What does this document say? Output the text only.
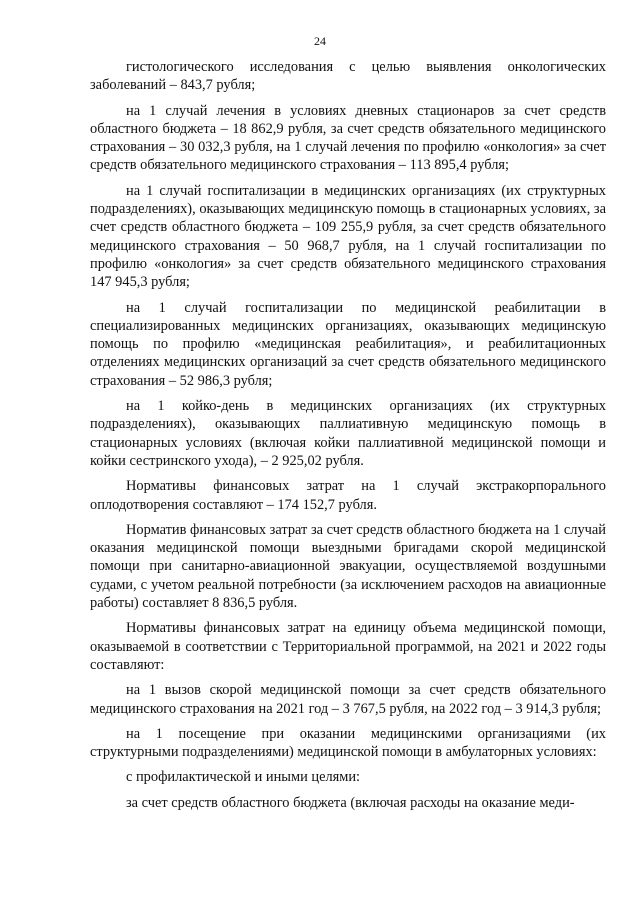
24

гистологического исследования с целью выявления онкологических заболеваний – 843,7 рубля;

на 1 случай лечения в условиях дневных стационаров за счет средств областного бюджета – 18 862,9 рубля, за счет средств обязательного медицинского страхования – 30 032,3 рубля, на 1 случай лечения по профилю «онкология» за счет средств обязательного медицинского страхования – 113 895,4 рубля;

на 1 случай госпитализации в медицинских организациях (их структурных подразделениях), оказывающих медицинскую помощь в стационарных условиях, за счет средств областного бюджета – 109 255,9 рубля, за счет средств обязательного медицинского страхования – 50 968,7 рубля, на 1 случай госпитализации по профилю «онкология» за счет средств обязательного медицинского страхования 147 945,3 рубля;

на 1 случай госпитализации по медицинской реабилитации в специализированных медицинских организациях, оказывающих медицинскую помощь по профилю «медицинская реабилитация», и реабилитационных отделениях медицинских организаций за счет средств обязательного медицинского страхования – 52 986,3 рубля;

на 1 койко-день в медицинских организациях (их структурных подразделениях), оказывающих паллиативную медицинскую помощь в стационарных условиях (включая койки паллиативной медицинской помощи и койки сестринского ухода), – 2 925,02 рубля.

Нормативы финансовых затрат на 1 случай экстракорпорального оплодотворения составляют – 174 152,7 рубля.

Норматив финансовых затрат за счет средств областного бюджета на 1 случай оказания медицинской помощи выездными бригадами скорой медицинской помощи при санитарно-авиационной эвакуации, осуществляемой воздушными судами, с учетом реальной потребности (за исключением расходов на авиационные работы) составляет 8 836,5 рубля.

Нормативы финансовых затрат на единицу объема медицинской помощи, оказываемой в соответствии с Территориальной программой, на 2021 и 2022 годы составляют:

на 1 вызов скорой медицинской помощи за счет средств обязательного медицинского страхования на 2021 год – 3 767,5 рубля, на 2022 год – 3 914,3 рубля;

на 1 посещение при оказании медицинскими организациями (их структурными подразделениями) медицинской помощи в амбулаторных условиях:

с профилактической и иными целями:

за счет средств областного бюджета (включая расходы на оказание меди-
